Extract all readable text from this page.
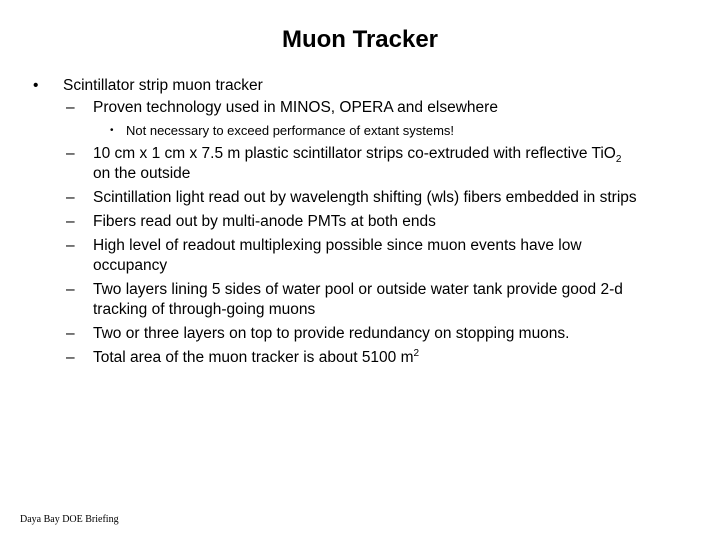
Muon Tracker
•	Scintillator strip muon tracker
–	Proven technology used in MINOS, OPERA and elsewhere
• Not necessary to exceed performance of extant systems!
–	10 cm x 1 cm x 7.5 m plastic scintillator strips co-extruded with reflective TiO$_2$
on the outside
–	Scintillation light read out by wavelength shifting (wls) fibers embedded in strips
–	Fibers read out by multi-anode PMTs at both ends
–	High level of readout multiplexing possible since muon events have low
occupancy
–	Two layers lining 5 sides of water pool or outside water tank provide good 2-d
tracking of through-going muons
–	Two or three layers on top to provide redundancy on stopping muons.
–	Total area of the muon tracker is about 5100 $m^2$
Daya Bay DOE Briefing
